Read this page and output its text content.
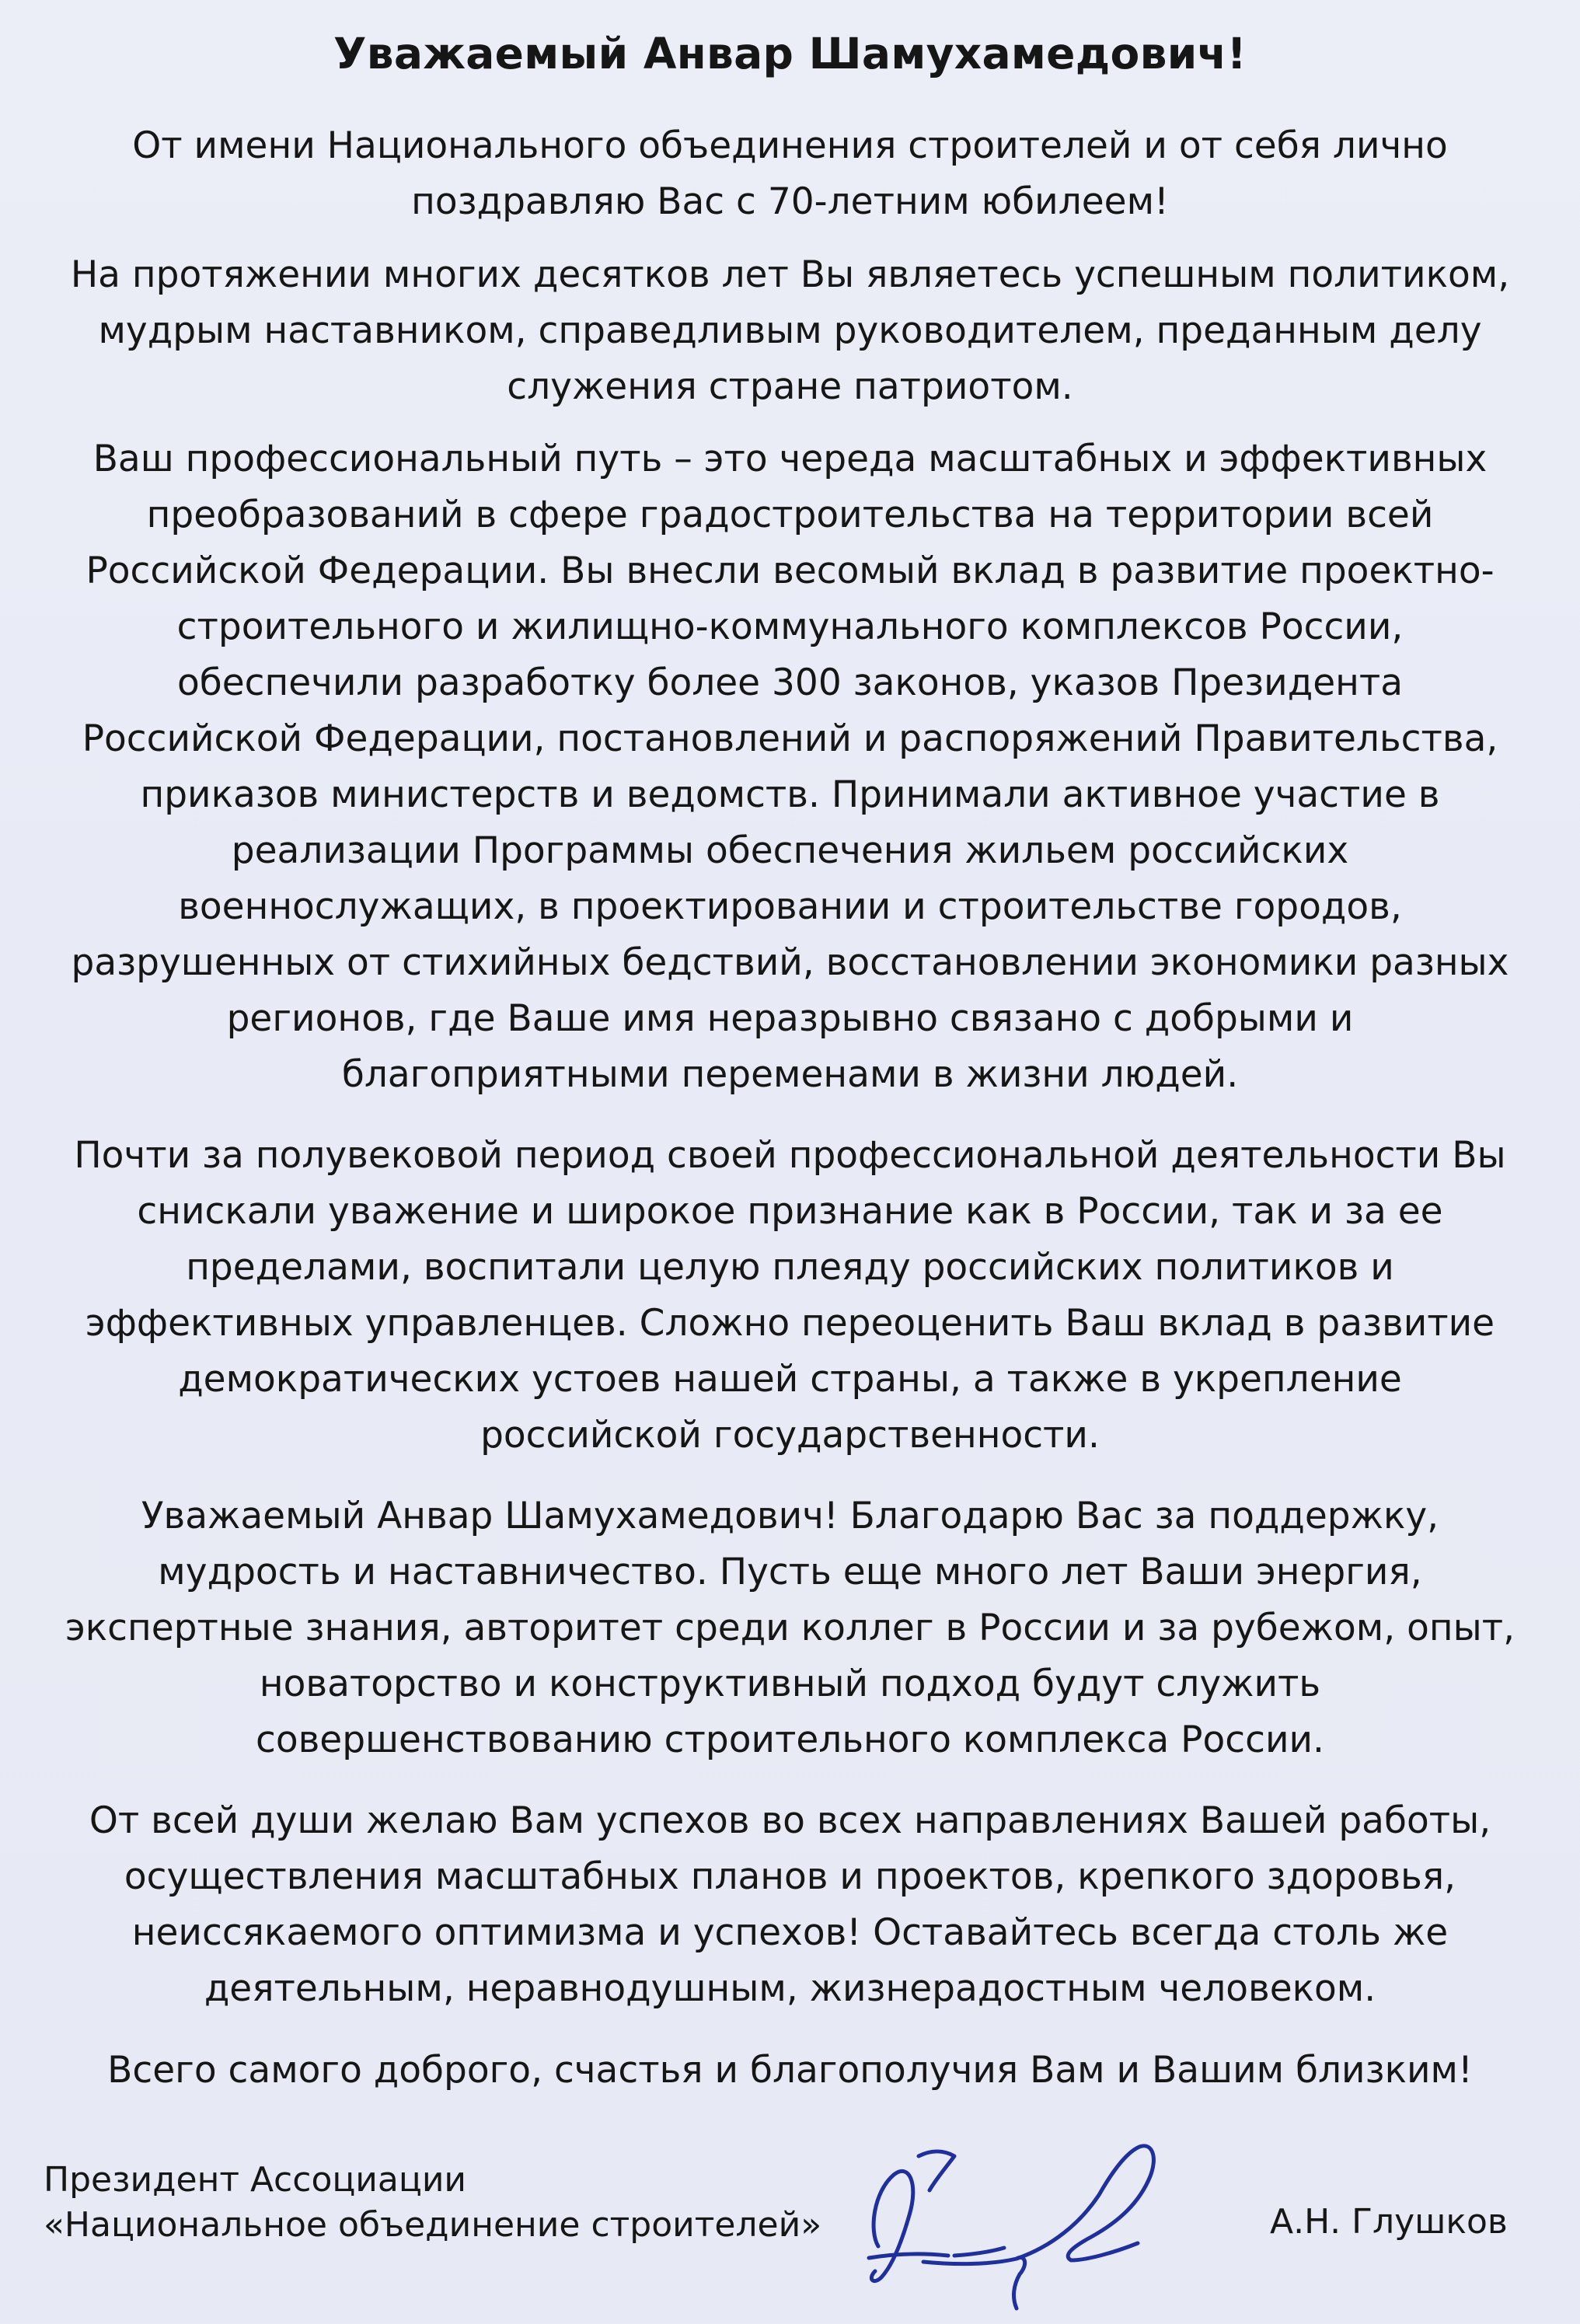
Уважаемый Анвар Шамухамедович!

От имени Национального объединения строителей и от себя лично
поздравляю Вас с 70-летним юбилеем!

На протяжении многих десятков лет Вы являетесь успешным политиком,
мудрым наставником, справедливым руководителем, преданным делу
служения стране патриотом.

Ваш профессиональный путь – это череда масштабных и эффективных
преобразований в сфере градостроительства на территории всей
Российской Федерации. Вы внесли весомый вклад в развитие проектно-
строительного и жилищно-коммунального комплексов России,
обеспечили разработку более 300 законов, указов Президента
Российской Федерации, постановлений и распоряжений Правительства,
приказов министерств и ведомств. Принимали активное участие в
реализации Программы обеспечения жильем российских
военнослужащих, в проектировании и строительстве городов,
разрушенных от стихийных бедствий, восстановлении экономики разных
регионов, где Ваше имя неразрывно связано с добрыми и
благоприятными переменами в жизни людей.

Почти за полувековой период своей профессиональной деятельности Вы
снискали уважение и широкое признание как в России, так и за ее
пределами, воспитали целую плеяду российских политиков и
эффективных управленцев. Сложно переоценить Ваш вклад в развитие
демократических устоев нашей страны, а также в укрепление
российской государственности.

Уважаемый Анвар Шамухамедович! Благодарю Вас за поддержку,
мудрость и наставничество. Пусть еще много лет Ваши энергия,
экспертные знания, авторитет среди коллег в России и за рубежом, опыт,
новаторство и конструктивный подход будут служить
совершенствованию строительного комплекса России.

От всей души желаю Вам успехов во всех направлениях Вашей работы,
осуществления масштабных планов и проектов, крепкого здоровья,
неиссякаемого оптимизма и успехов! Оставайтесь всегда столь же
деятельным, неравнодушным, жизнерадостным человеком.

Всего самого доброго, счастья и благополучия Вам и Вашим близким!

Президент Ассоциации
«Национальное объединение строителей»	А.Н. Глушков
